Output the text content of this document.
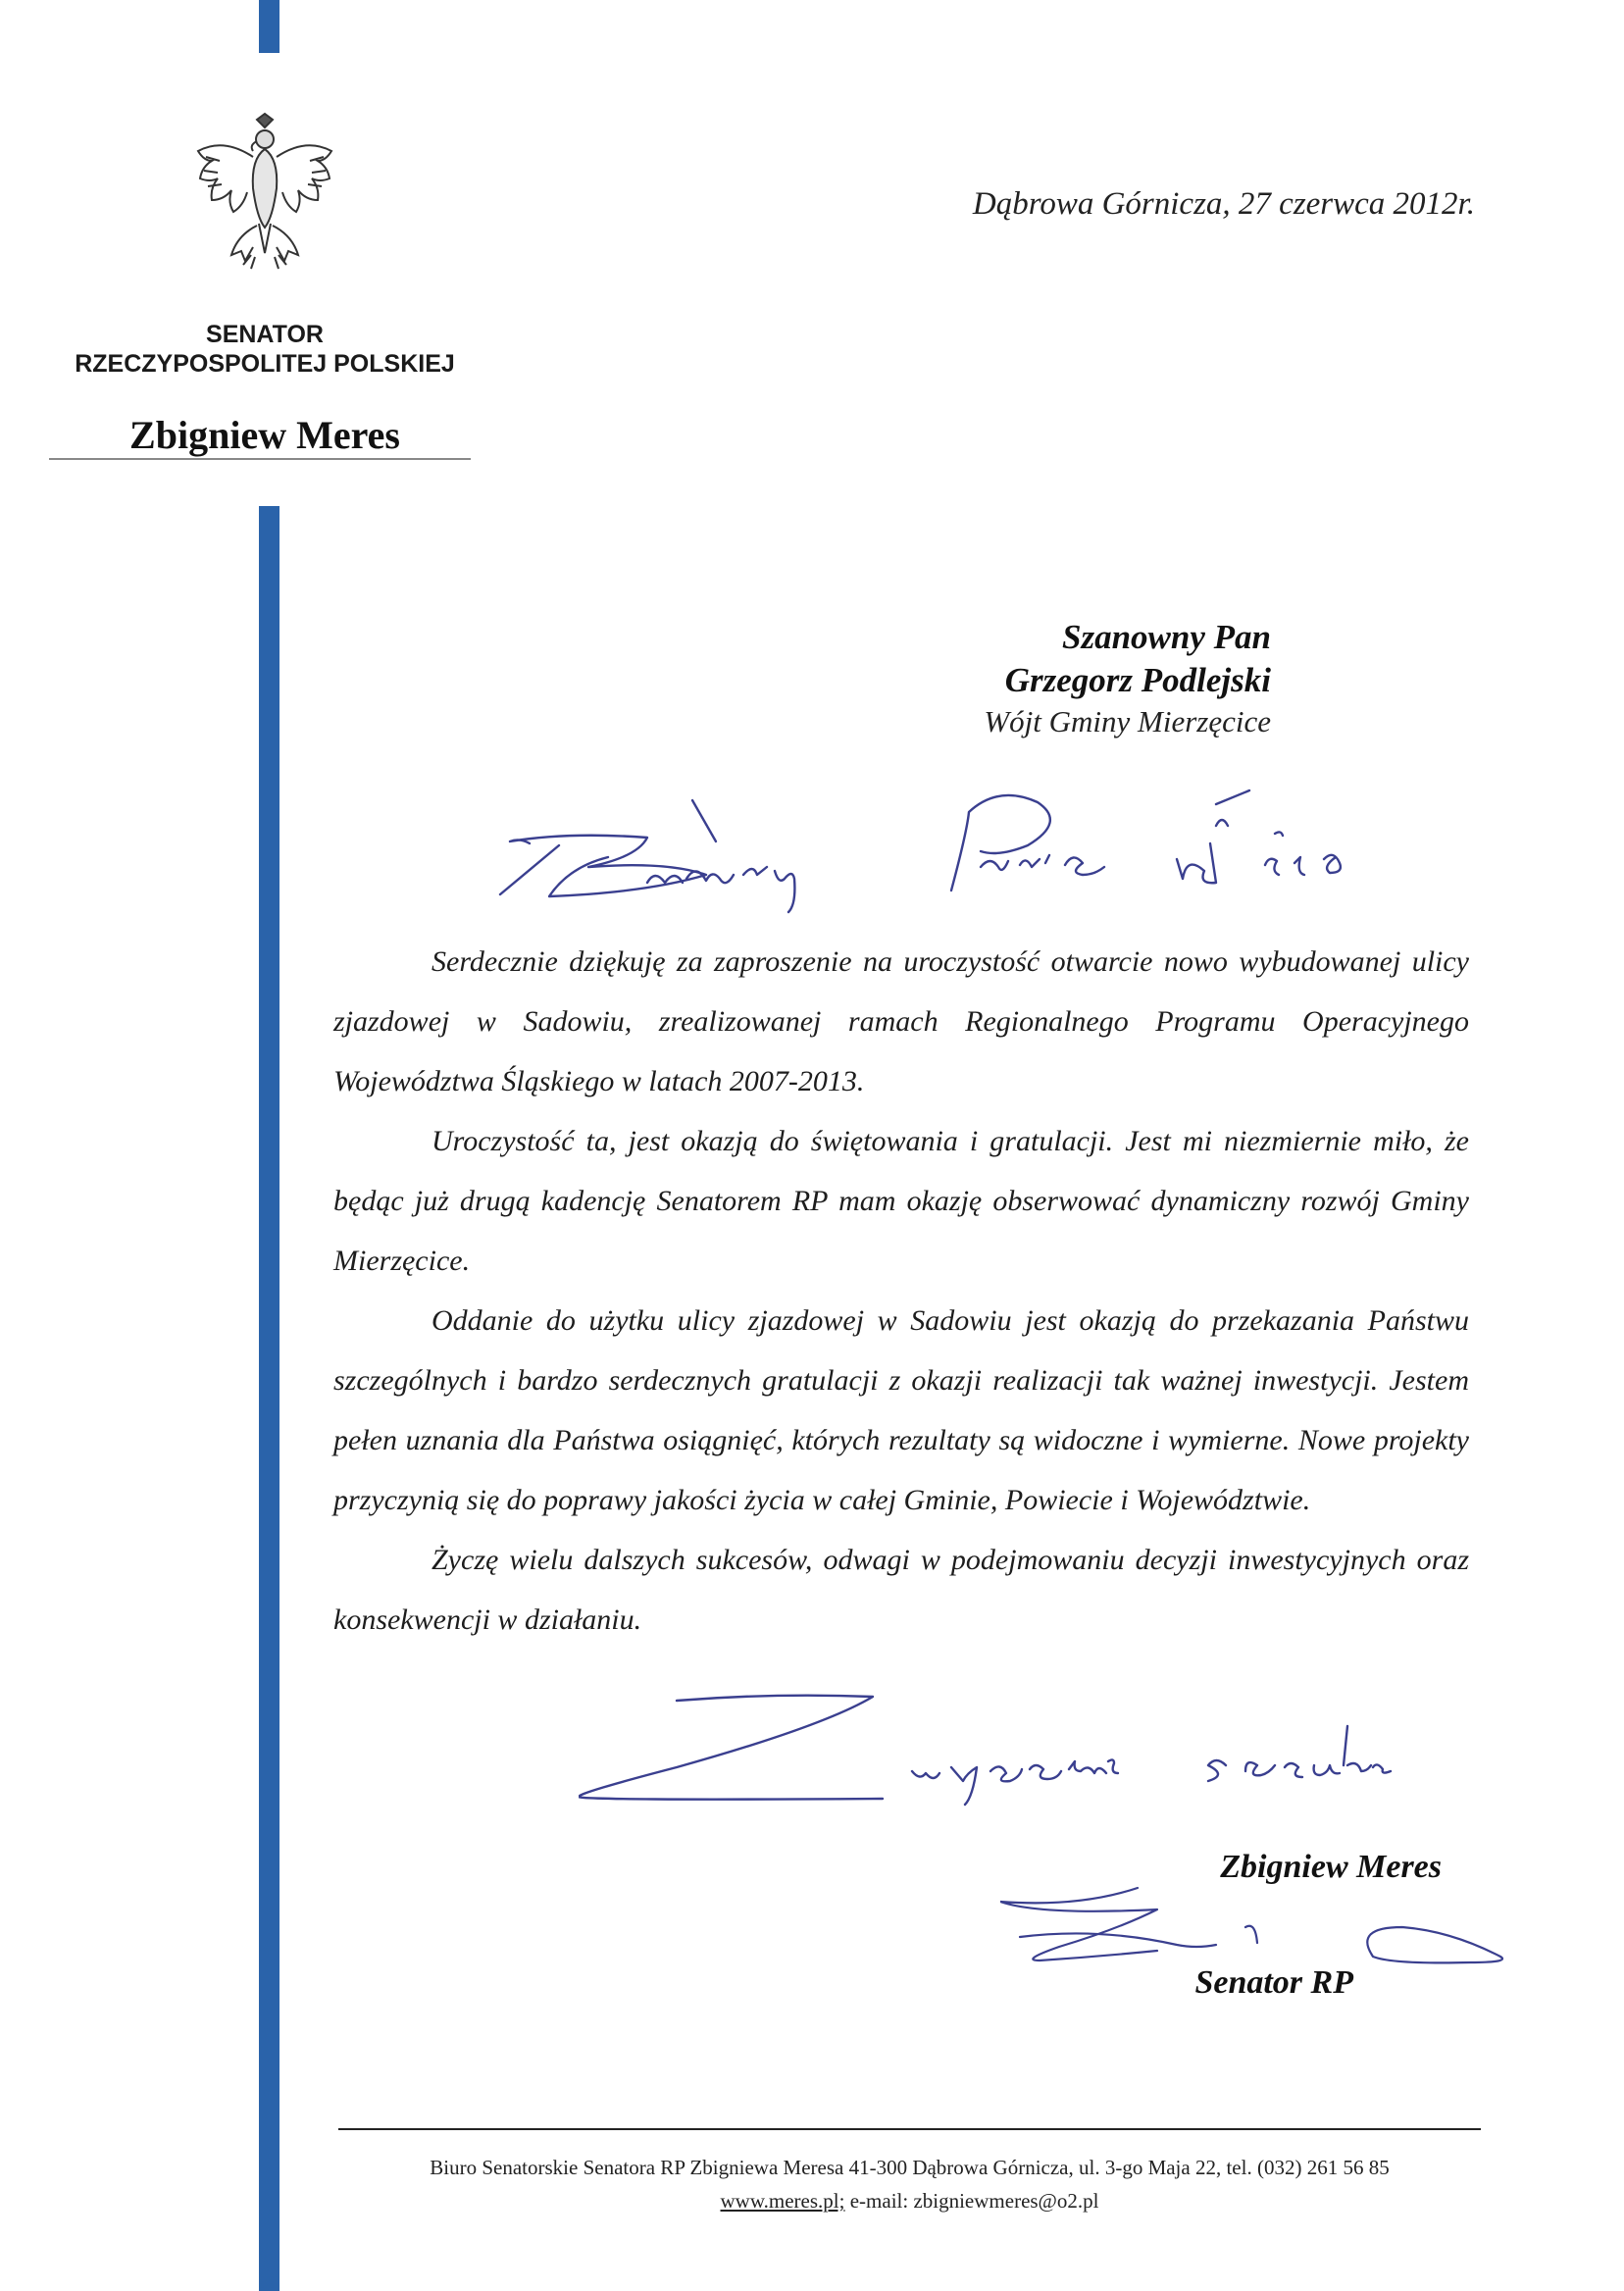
SENATOR
RZECZYPOSPOLITEJ POLSKIEJ
Zbigniew Meres
Dąbrowa Górnicza, 27 czerwca 2012r.
Szanowny Pan
Grzegorz Podlejski
Wójt Gminy Mierzęcice

Serdecznie dziękuję za zaproszenie na uroczystość otwarcie nowo wybudowanej ulicy zjazdowej w Sadowiu, zrealizowanej ramach Regionalnego Programu Operacyjnego Województwa Śląskiego w latach 2007-2013.

Uroczystość ta, jest okazją do świętowania i gratulacji. Jest mi niezmiernie miło, że będąc już drugą kadencję Senatorem RP mam okazję obserwować dynamiczny rozwój Gminy Mierzęcice.

Oddanie do użytku ulicy zjazdowej w Sadowiu jest okazją do przekazania Państwu szczególnych i bardzo serdecznych gratulacji z okazji realizacji tak ważnej inwestycji. Jestem pełen uznania dla Państwa osiągnięć, których rezultaty są widoczne i wymierne. Nowe projekty przyczynią się do poprawy jakości życia w całej Gminie, Powiecie i Województwie.

Życzę wielu dalszych sukcesów, odwagi w podejmowaniu decyzji inwestycyjnych oraz konsekwencji w działaniu.

Zbigniew Meres
Senator RP
Biuro Senatorskie Senatora RP Zbigniewa Meresa 41-300 Dąbrowa Górnicza, ul. 3-go Maja 22, tel. (032) 261 56 85
www.meres.pl; e-mail: zbigniewmeres@o2.pl
